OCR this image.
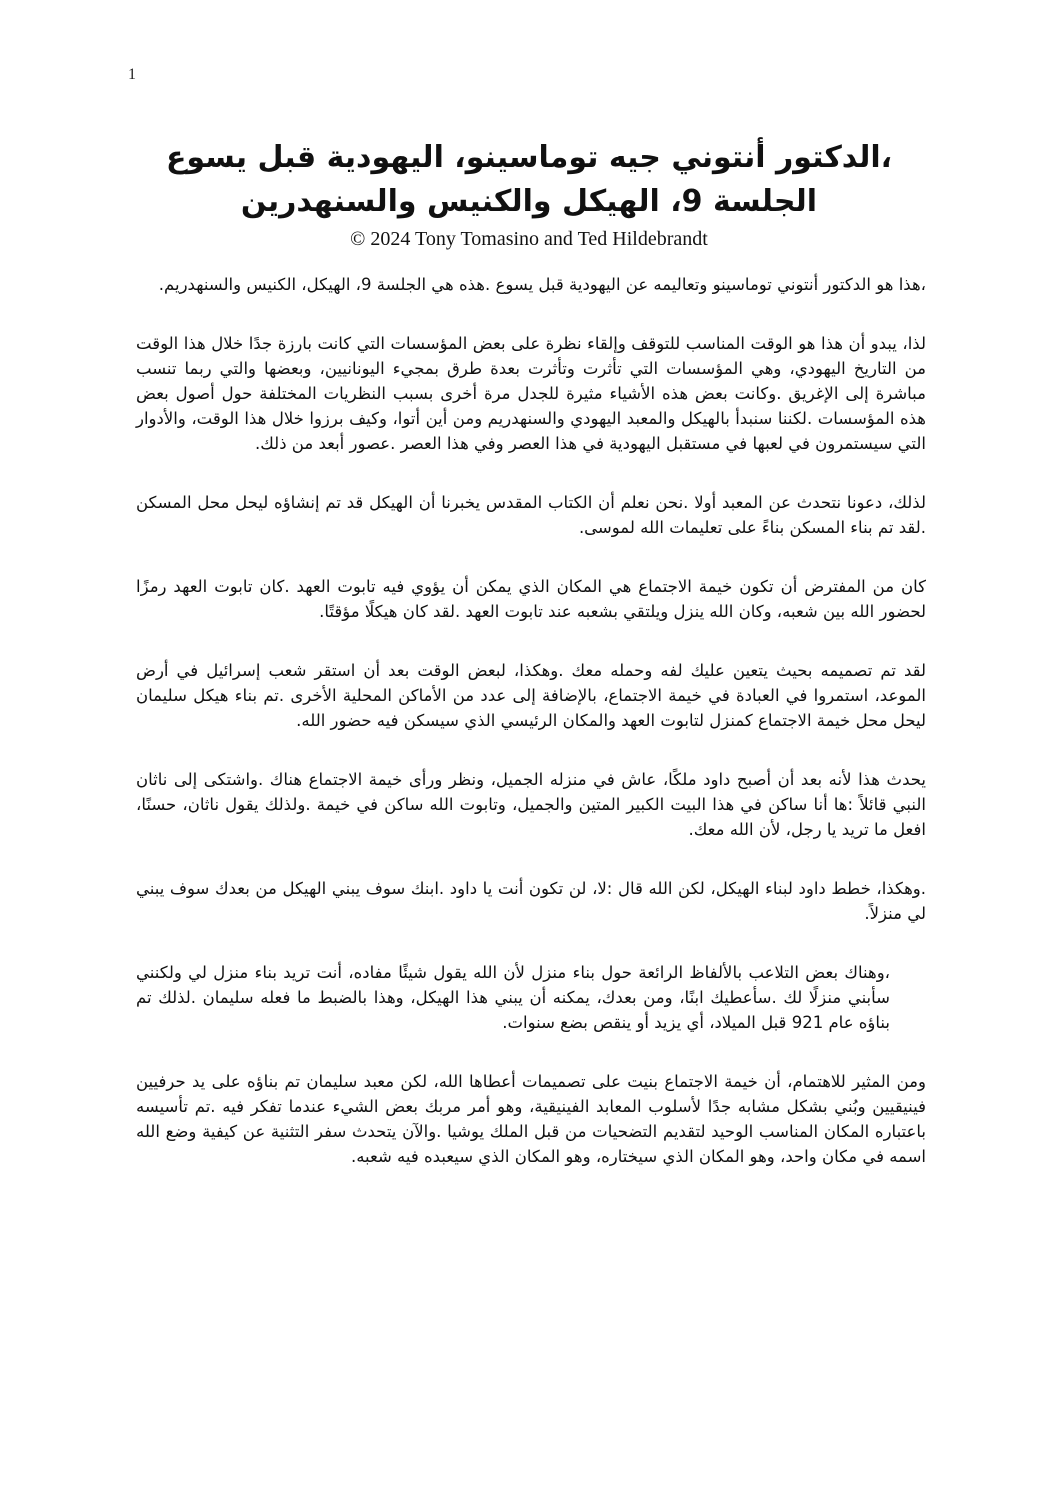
1
،الدكتور أنتوني جيه توماسينو، اليهودية قبل يسوع
الجلسة 9، الهيكل والكنيس والسنهدرين
© 2024 Tony Tomasino and Ted Hildebrandt

،هذا هو الدكتور أنتوني توماسينو وتعاليمه عن اليهودية قبل يسوع .هذه هي الجلسة 9، الهيكل، الكنيس والسنهدريم.

لذا، يبدو أن هذا هو الوقت المناسب للتوقف وإلقاء نظرة على بعض المؤسسات التي كانت بارزة جدًا خلال هذا الوقت من التاريخ اليهودي، وهي المؤسسات التي تأثرت وتأثرت بعدة طرق بمجيء اليونانيين، وبعضها والتي ربما تنسب مباشرة إلى الإغريق .وكانت بعض هذه الأشياء مثيرة للجدل مرة أخرى بسبب النظريات المختلفة حول أصول بعض هذه المؤسسات .لكننا سنبدأ بالهيكل والمعبد اليهودي والسنهدريم ومن أين أتوا، وكيف برزوا خلال هذا الوقت، والأدوار التي سيستمرون في لعبها في مستقبل اليهودية في هذا العصر وفي هذا العصر .عصور أبعد من ذلك.

لذلك، دعونا نتحدث عن المعبد أولا .نحن نعلم أن الكتاب المقدس يخبرنا أن الهيكل قد تم إنشاؤه ليحل محل المسكن .لقد تم بناء المسكن بناءً على تعليمات الله لموسى.

كان من المفترض أن تكون خيمة الاجتماع هي المكان الذي يمكن أن يؤوي فيه تابوت العهد .كان تابوت العهد رمزًا لحضور الله بين شعبه، وكان الله ينزل ويلتقي بشعبه عند تابوت العهد .لقد كان هيكلًا مؤقتًا.

لقد تم تصميمه بحيث يتعين عليك لفه وحمله معك .وهكذا، لبعض الوقت بعد أن استقر شعب إسرائيل في أرض الموعد، استمروا في العبادة في خيمة الاجتماع، بالإضافة إلى عدد من الأماكن المحلية الأخرى .تم بناء هيكل سليمان ليحل محل خيمة الاجتماع كمنزل لتابوت العهد والمكان الرئيسي الذي سيسكن فيه حضور الله.

يحدث هذا لأنه بعد أن أصبح داود ملكًا، عاش في منزله الجميل، ونظر ورأى خيمة الاجتماع هناك .واشتكى إلى ناثان النبي قائلاً :ها أنا ساكن في هذا البيت الكبير المتين والجميل، وتابوت الله ساكن في خيمة .ولذلك يقول ناثان، حسنًا، افعل ما تريد يا رجل، لأن الله معك.

.وهكذا، خطط داود لبناء الهيكل، لكن الله قال :لا، لن تكون أنت يا داود .ابنك سوف يبني الهيكل من بعدك سوف يبني لي منزلاً.

،وهناك بعض التلاعب بالألفاظ الرائعة حول بناء منزل لأن الله يقول شيئًا مفاده، أنت تريد بناء منزل لي ولكنني سأبني منزلًا لك .سأعطيك ابنًا، ومن بعدك، يمكنه أن يبني هذا الهيكل، وهذا بالضبط ما فعله سليمان .لذلك تم بناؤه عام 921 قبل الميلاد، أي يزيد أو ينقص بضع سنوات.

ومن المثير للاهتمام، أن خيمة الاجتماع بنيت على تصميمات أعطاها الله، لكن معبد سليمان تم بناؤه على يد حرفيين فينيقيين وبُني بشكل مشابه جدًا لأسلوب المعابد الفينيقية، وهو أمر مربك بعض الشيء عندما تفكر فيه .تم تأسيسه باعتباره المكان المناسب الوحيد لتقديم التضحيات من قبل الملك يوشيا .والآن يتحدث سفر التثنية عن كيفية وضع الله اسمه في مكان واحد، وهو المكان الذي سيختاره، وهو المكان الذي سيعبده فيه شعبه.
